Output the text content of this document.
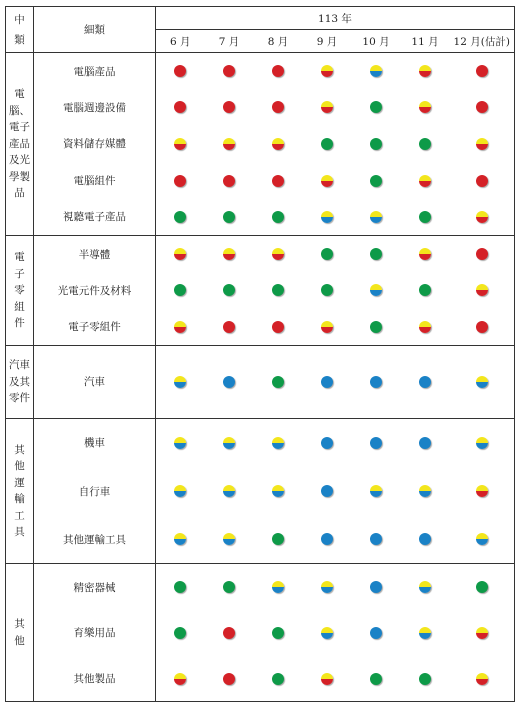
中類	細類	113 年						
		6 月	7 月	8 月	9 月	10 月	11 月	12 月(估計)
電腦、電子產品及光學製品	電腦產品							
	電腦週邊設備							
	資料儲存媒體							
	電腦組件							
	視聽電子產品							
電子零組件	半導體							
	光電元件及材料							
	電子零組件							
汽車及其零件	汽車							
其他運輸工具	機車							
	自行車							
	其他運輸工具							
其他	精密器械							
	育樂用品							
	其他製品							
